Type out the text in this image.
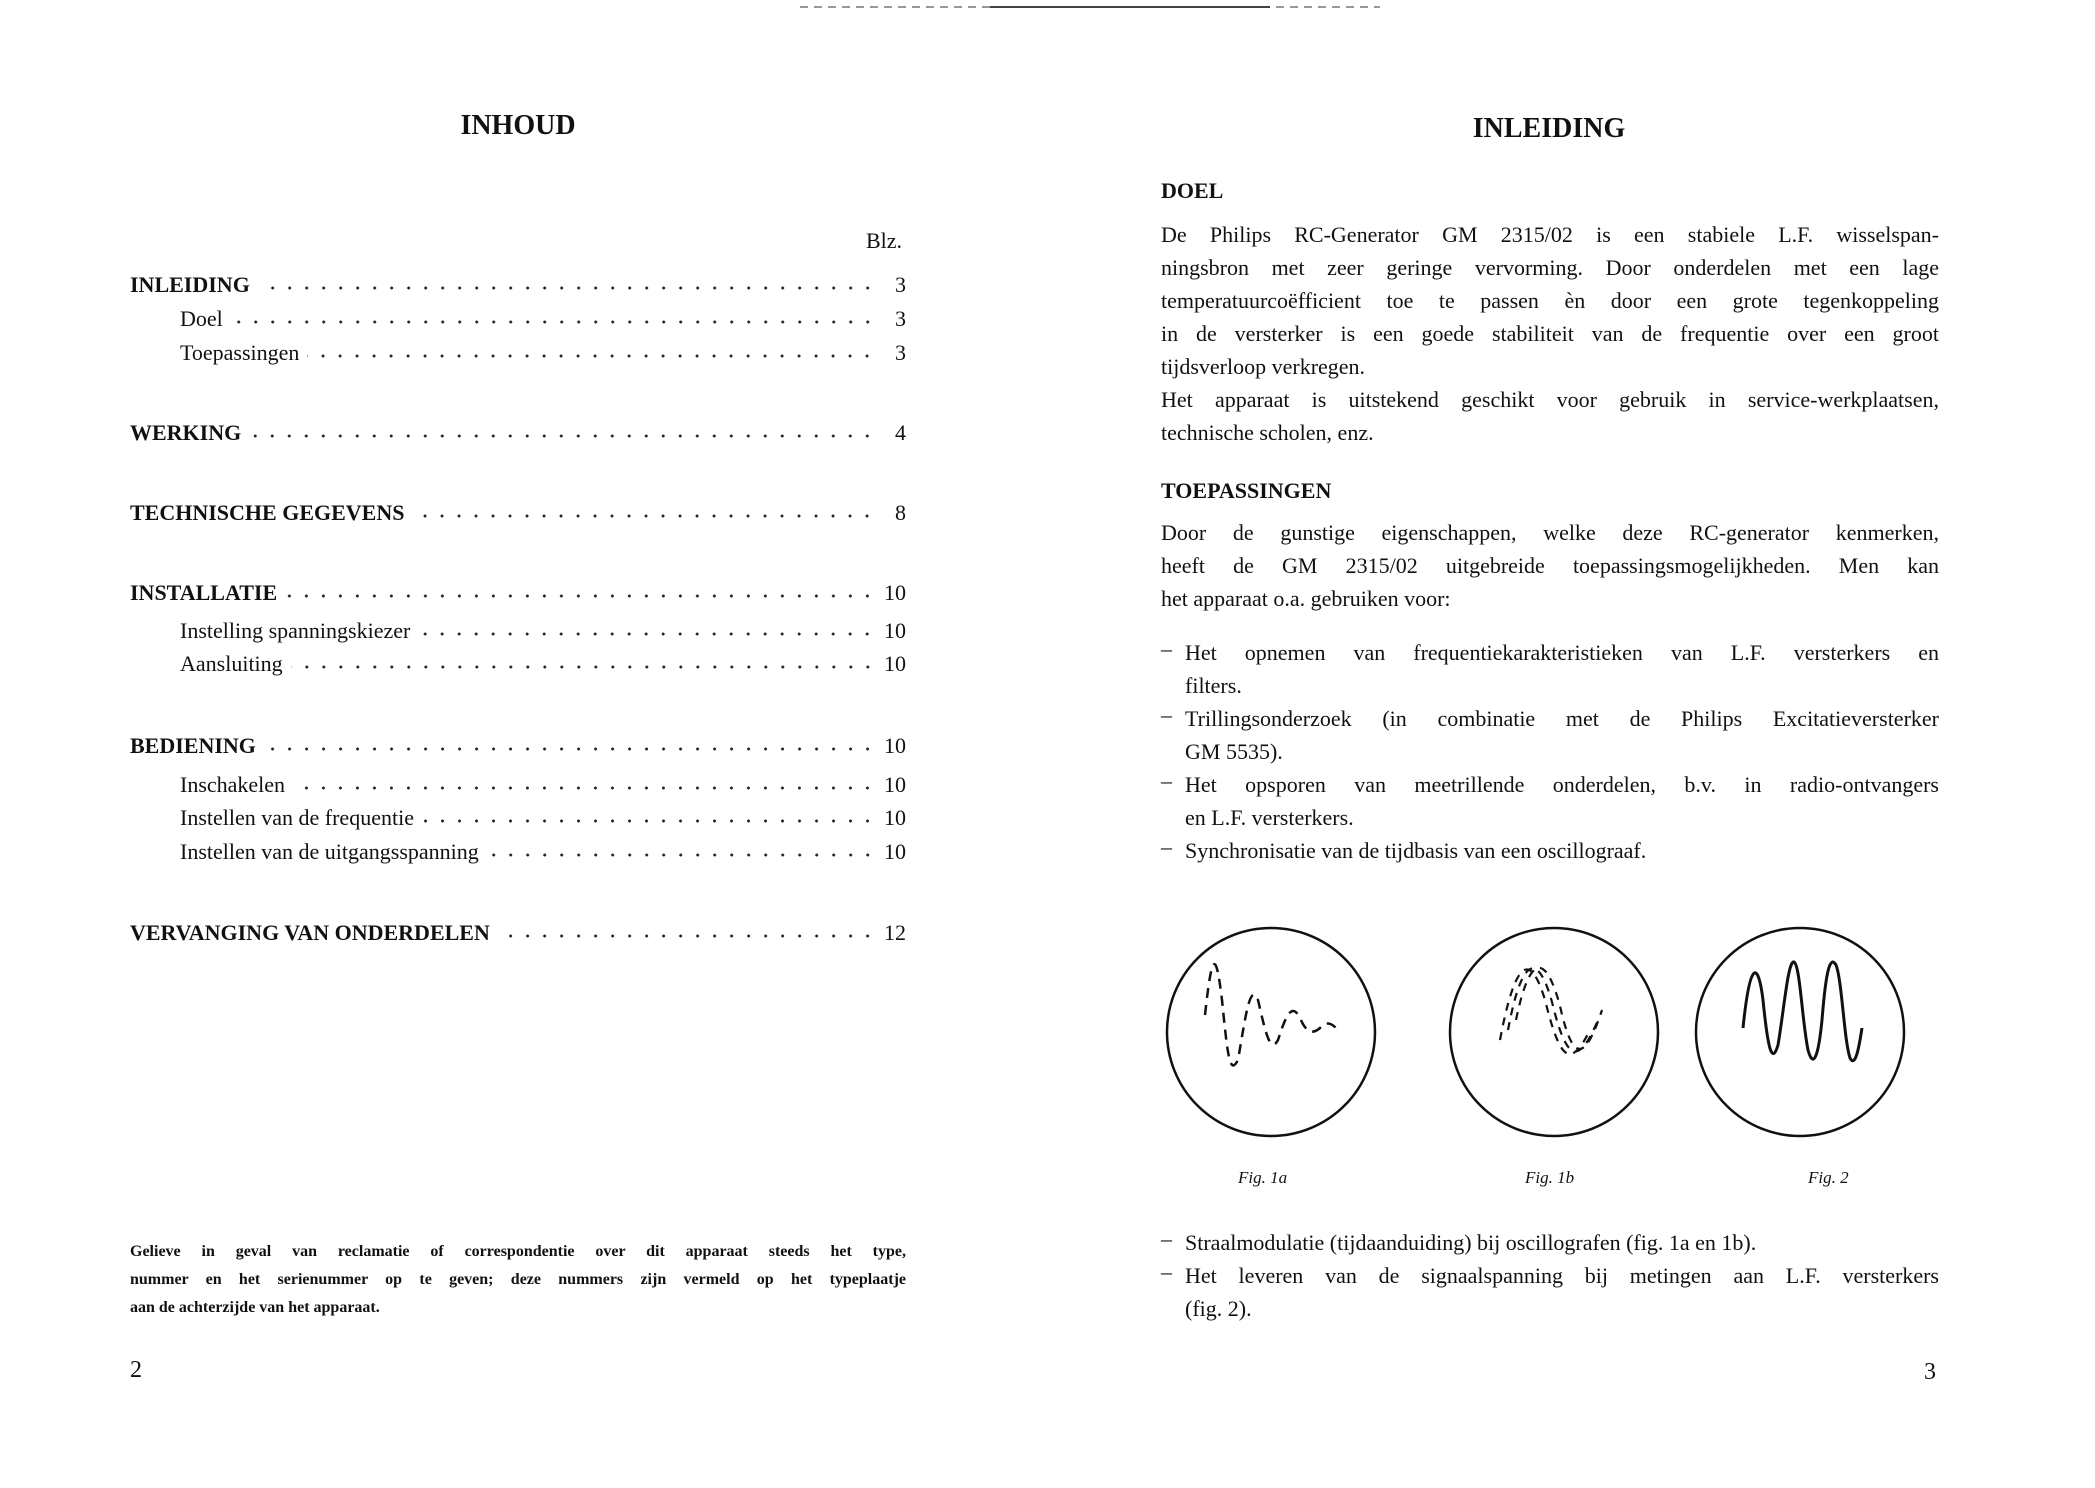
INHOUD
Blz.
INLEIDING	3
Doel	3
Toepassingen	3
WERKING	4
TECHNISCHE GEGEVENS	8
INSTALLATIE	10
Instelling spanningskiezer	10
Aansluiting	10
BEDIENING	10
Inschakelen	10
Instellen van de frequentie	10
Instellen van de uitgangsspanning	10
VERVANGING VAN ONDERDELEN	12
Gelieve in geval van reclamatie of correspondentie over dit apparaat steeds het type,
nummer en het serienummer op te geven; deze nummers zijn vermeld op het typeplaatje
aan de achterzijde van het apparaat.
2
INLEIDING
DOEL
De Philips RC-Generator GM 2315/02 is een stabiele L.F. wisselspan-
ningsbron met zeer geringe vervorming. Door onderdelen met een lage
temperatuurcoëfficient toe te passen èn door een grote tegenkoppeling
in de versterker is een goede stabiliteit van de frequentie over een groot
tijdsverloop verkregen.
Het apparaat is uitstekend geschikt voor gebruik in service-werkplaatsen,
technische scholen, enz.
TOEPASSINGEN
Door de gunstige eigenschappen, welke deze RC-generator kenmerken,
heeft de GM 2315/02 uitgebreide toepassingsmogelijkheden. Men kan
het apparaat o.a. gebruiken voor:
– Het opnemen van frequentiekarakteristieken van L.F. versterkers en
filters.
– Trillingsonderzoek (in combinatie met de Philips Excitatieversterker
GM 5535).
– Het opsporen van meetrillende onderdelen, b.v. in radio-ontvangers
en L.F. versterkers.
– Synchronisatie van de tijdbasis van een oscillograaf.
Fig. 1a	Fig. 1b	Fig. 2
– Straalmodulatie (tijdaanduiding) bij oscillografen (fig. 1a en 1b).
– Het leveren van de signaalspanning bij metingen aan L.F. versterkers
(fig. 2).
3
